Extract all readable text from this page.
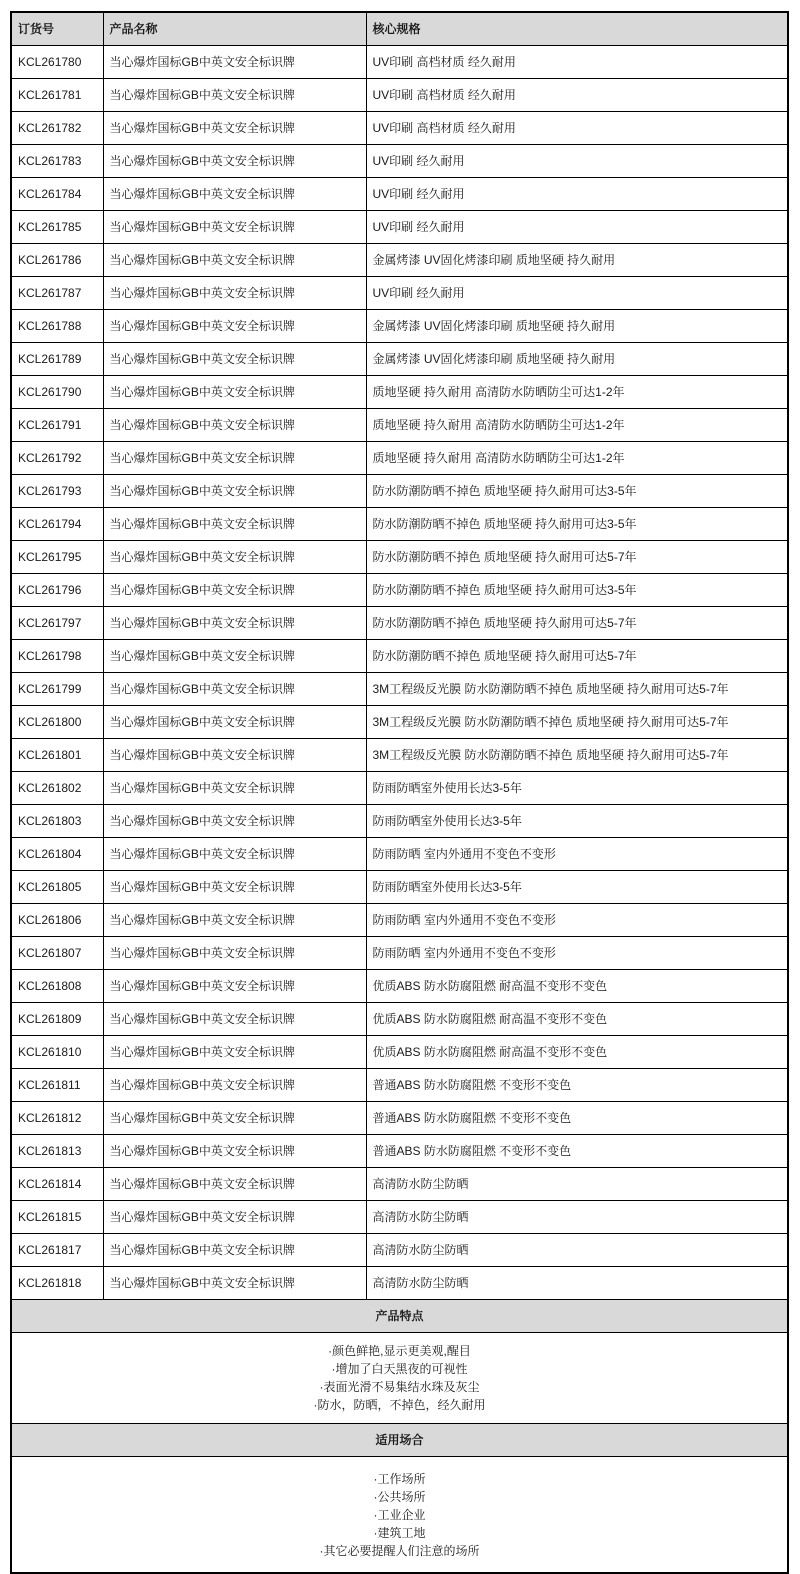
订货号	产品名称	核心规格
KCL261780	当心爆炸国标GB中英文安全标识牌	UV印刷 高档材质 经久耐用
KCL261781	当心爆炸国标GB中英文安全标识牌	UV印刷 高档材质 经久耐用
KCL261782	当心爆炸国标GB中英文安全标识牌	UV印刷 高档材质 经久耐用
KCL261783	当心爆炸国标GB中英文安全标识牌	UV印刷 经久耐用
KCL261784	当心爆炸国标GB中英文安全标识牌	UV印刷 经久耐用
KCL261785	当心爆炸国标GB中英文安全标识牌	UV印刷 经久耐用
KCL261786	当心爆炸国标GB中英文安全标识牌	金属烤漆 UV固化烤漆印刷 质地坚硬 持久耐用
KCL261787	当心爆炸国标GB中英文安全标识牌	UV印刷 经久耐用
KCL261788	当心爆炸国标GB中英文安全标识牌	金属烤漆 UV固化烤漆印刷 质地坚硬 持久耐用
KCL261789	当心爆炸国标GB中英文安全标识牌	金属烤漆 UV固化烤漆印刷 质地坚硬 持久耐用
KCL261790	当心爆炸国标GB中英文安全标识牌	质地坚硬 持久耐用 高清防水防晒防尘可达1-2年
KCL261791	当心爆炸国标GB中英文安全标识牌	质地坚硬 持久耐用 高清防水防晒防尘可达1-2年
KCL261792	当心爆炸国标GB中英文安全标识牌	质地坚硬 持久耐用 高清防水防晒防尘可达1-2年
KCL261793	当心爆炸国标GB中英文安全标识牌	防水防潮防晒不掉色 质地坚硬 持久耐用可达3-5年
KCL261794	当心爆炸国标GB中英文安全标识牌	防水防潮防晒不掉色 质地坚硬 持久耐用可达3-5年
KCL261795	当心爆炸国标GB中英文安全标识牌	防水防潮防晒不掉色 质地坚硬 持久耐用可达5-7年
KCL261796	当心爆炸国标GB中英文安全标识牌	防水防潮防晒不掉色 质地坚硬 持久耐用可达3-5年
KCL261797	当心爆炸国标GB中英文安全标识牌	防水防潮防晒不掉色 质地坚硬 持久耐用可达5-7年
KCL261798	当心爆炸国标GB中英文安全标识牌	防水防潮防晒不掉色 质地坚硬 持久耐用可达5-7年
KCL261799	当心爆炸国标GB中英文安全标识牌	3M工程级反光膜 防水防潮防晒不掉色 质地坚硬 持久耐用可达5-7年
KCL261800	当心爆炸国标GB中英文安全标识牌	3M工程级反光膜 防水防潮防晒不掉色 质地坚硬 持久耐用可达5-7年
KCL261801	当心爆炸国标GB中英文安全标识牌	3M工程级反光膜 防水防潮防晒不掉色 质地坚硬 持久耐用可达5-7年
KCL261802	当心爆炸国标GB中英文安全标识牌	防雨防晒室外使用长达3-5年
KCL261803	当心爆炸国标GB中英文安全标识牌	防雨防晒室外使用长达3-5年
KCL261804	当心爆炸国标GB中英文安全标识牌	防雨防晒 室内外通用不变色不变形
KCL261805	当心爆炸国标GB中英文安全标识牌	防雨防晒室外使用长达3-5年
KCL261806	当心爆炸国标GB中英文安全标识牌	防雨防晒 室内外通用不变色不变形
KCL261807	当心爆炸国标GB中英文安全标识牌	防雨防晒 室内外通用不变色不变形
KCL261808	当心爆炸国标GB中英文安全标识牌	优质ABS 防水防腐阻燃 耐高温不变形不变色
KCL261809	当心爆炸国标GB中英文安全标识牌	优质ABS 防水防腐阻燃 耐高温不变形不变色
KCL261810	当心爆炸国标GB中英文安全标识牌	优质ABS 防水防腐阻燃 耐高温不变形不变色
KCL261811	当心爆炸国标GB中英文安全标识牌	普通ABS 防水防腐阻燃 不变形不变色
KCL261812	当心爆炸国标GB中英文安全标识牌	普通ABS 防水防腐阻燃 不变形不变色
KCL261813	当心爆炸国标GB中英文安全标识牌	普通ABS 防水防腐阻燃 不变形不变色
KCL261814	当心爆炸国标GB中英文安全标识牌	高清防水防尘防晒
KCL261815	当心爆炸国标GB中英文安全标识牌	高清防水防尘防晒
KCL261817	当心爆炸国标GB中英文安全标识牌	高清防水防尘防晒
KCL261818	当心爆炸国标GB中英文安全标识牌	高清防水防尘防晒
产品特点		

·颜色鲜艳,显示更美观,醒目
·增加了白天黑夜的可视性
·表面光滑不易集结水珠及灰尘
·防水，防晒，不掉色，经久耐用		

适用场合		

·工作场所
·公共场所
·工业企业
·建筑工地
·其它必要提醒人们注意的场所		
